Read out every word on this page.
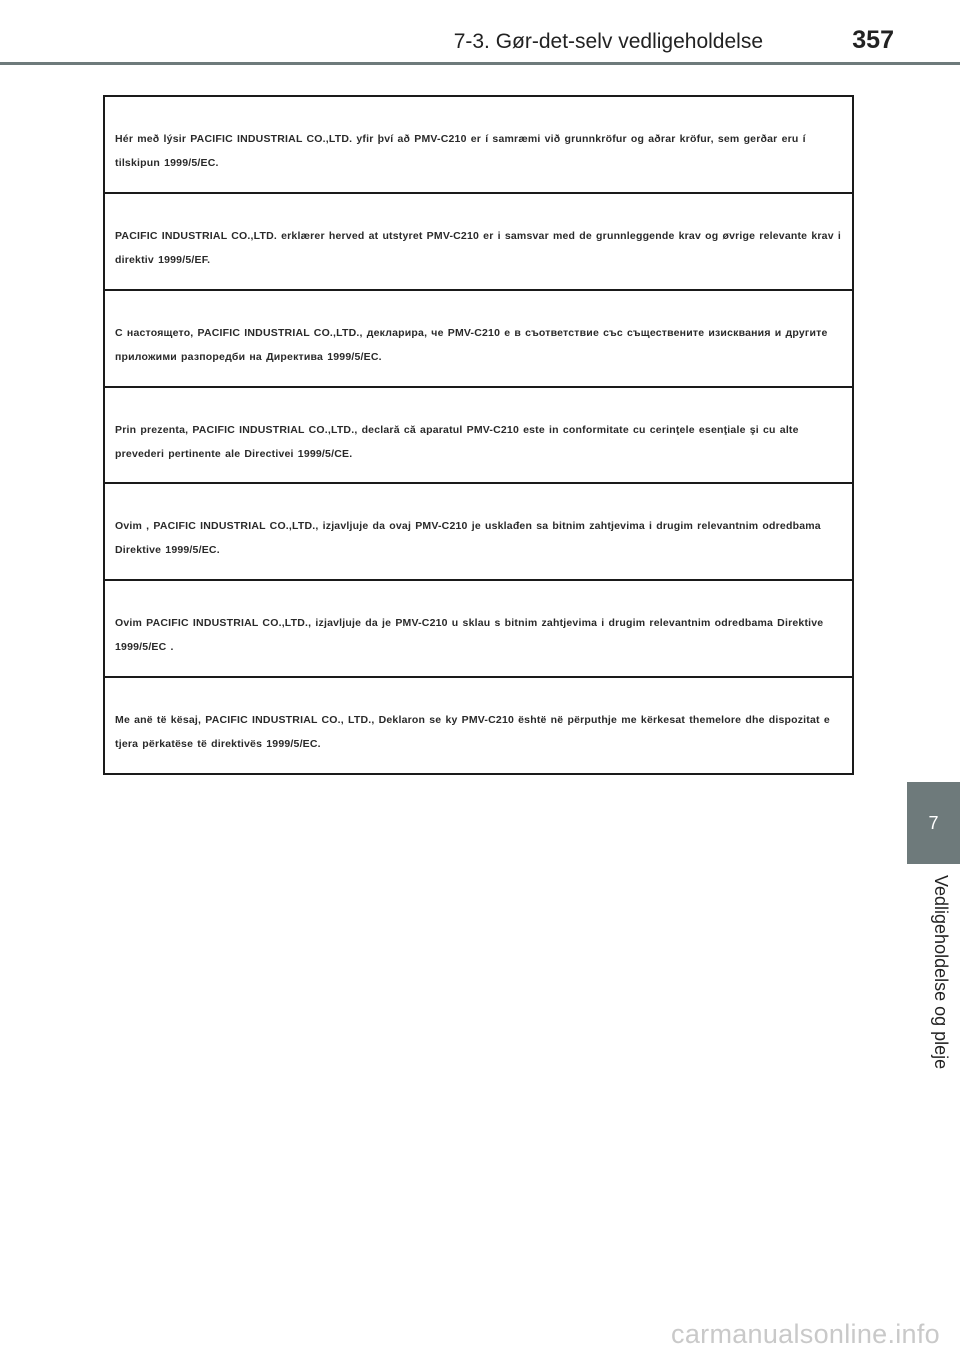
7-3. Gør-det-selv vedligeholdelse	357
Hér með lýsir PACIFIC INDUSTRIAL CO.,LTD. yfir því að PMV-C210 er í samræmi við grunnkröfur og aðrar kröfur, sem gerðar eru í tilskipun 1999/5/EC.
PACIFIC INDUSTRIAL CO.,LTD. erklærer herved at utstyret PMV-C210 er i samsvar med de grunnleggende krav og øvrige relevante krav i direktiv 1999/5/EF.
С настоящето, PACIFIC INDUSTRIAL CO.,LTD., декларира, че PMV-C210 е в съответствие със съществените изисквания и другите приложими разпоредби на Директива 1999/5/EC.
Prin prezenta, PACIFIC INDUSTRIAL CO.,LTD., declară că aparatul PMV-C210 este in conformitate cu cerinţele esenţiale şi cu alte prevederi pertinente ale Directivei 1999/5/CE.
Ovim , PACIFIC INDUSTRIAL CO.,LTD., izjavljuje da ovaj PMV-C210 je usklađen sa bitnim zahtjevima i drugim relevantnim odredbama Direktive 1999/5/EC.
Ovim PACIFIC INDUSTRIAL CO.,LTD., izjavljuje da je PMV-C210 u sklau s bitnim zahtjevima i drugim relevantnim odredbama Direktive 1999/5/EC .
Me anë të kësaj, PACIFIC INDUSTRIAL CO., LTD., Deklaron se ky PMV-C210 është në përputhje me kërkesat themelore dhe dispozitat e tjera përkatëse të direktivës 1999/5/EC.
7
Vedligeholdelse og pleje
carmanualsonline.info
